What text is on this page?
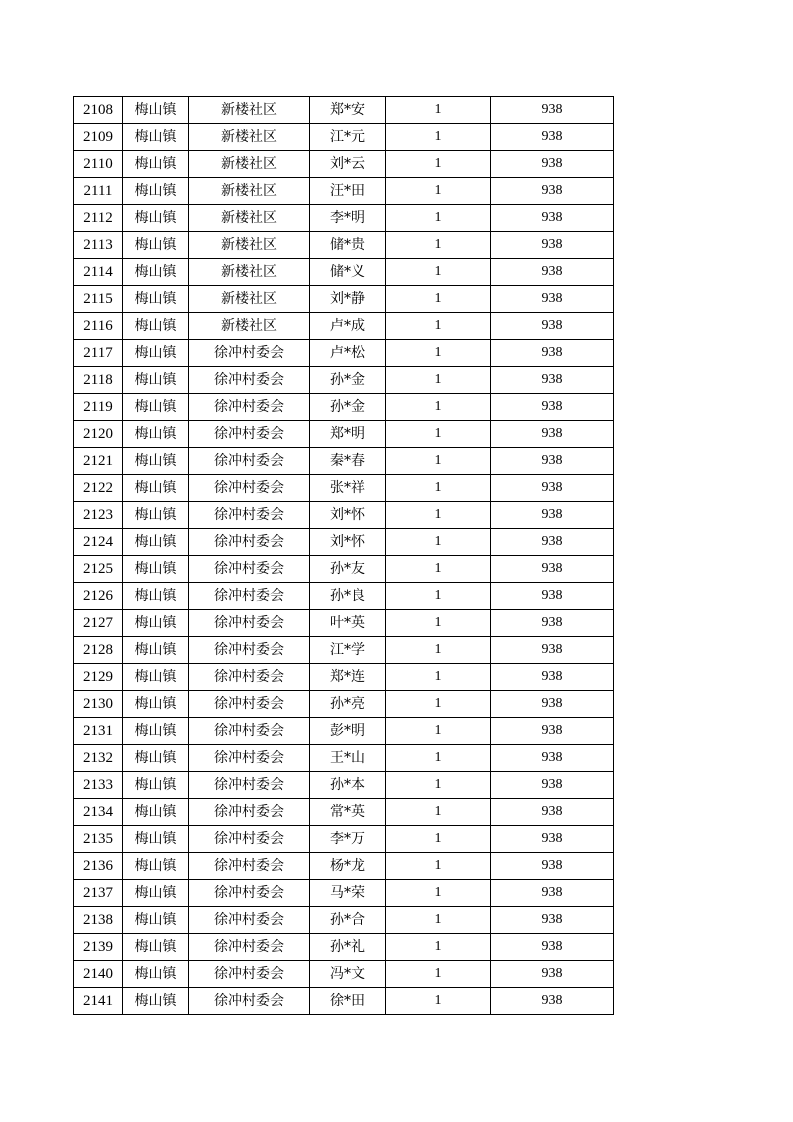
2108	梅山镇	新楼社区	郑*安	1	938
2109	梅山镇	新楼社区	江*元	1	938
2110	梅山镇	新楼社区	刘*云	1	938
2111	梅山镇	新楼社区	汪*田	1	938
2112	梅山镇	新楼社区	李*明	1	938
2113	梅山镇	新楼社区	储*贵	1	938
2114	梅山镇	新楼社区	储*义	1	938
2115	梅山镇	新楼社区	刘*静	1	938
2116	梅山镇	新楼社区	卢*成	1	938
2117	梅山镇	徐冲村委会	卢*松	1	938
2118	梅山镇	徐冲村委会	孙*金	1	938
2119	梅山镇	徐冲村委会	孙*金	1	938
2120	梅山镇	徐冲村委会	郑*明	1	938
2121	梅山镇	徐冲村委会	秦*春	1	938
2122	梅山镇	徐冲村委会	张*祥	1	938
2123	梅山镇	徐冲村委会	刘*怀	1	938
2124	梅山镇	徐冲村委会	刘*怀	1	938
2125	梅山镇	徐冲村委会	孙*友	1	938
2126	梅山镇	徐冲村委会	孙*良	1	938
2127	梅山镇	徐冲村委会	叶*英	1	938
2128	梅山镇	徐冲村委会	江*学	1	938
2129	梅山镇	徐冲村委会	郑*连	1	938
2130	梅山镇	徐冲村委会	孙*亮	1	938
2131	梅山镇	徐冲村委会	彭*明	1	938
2132	梅山镇	徐冲村委会	王*山	1	938
2133	梅山镇	徐冲村委会	孙*本	1	938
2134	梅山镇	徐冲村委会	常*英	1	938
2135	梅山镇	徐冲村委会	李*万	1	938
2136	梅山镇	徐冲村委会	杨*龙	1	938
2137	梅山镇	徐冲村委会	马*荣	1	938
2138	梅山镇	徐冲村委会	孙*合	1	938
2139	梅山镇	徐冲村委会	孙*礼	1	938
2140	梅山镇	徐冲村委会	冯*文	1	938
2141	梅山镇	徐冲村委会	徐*田	1	938
